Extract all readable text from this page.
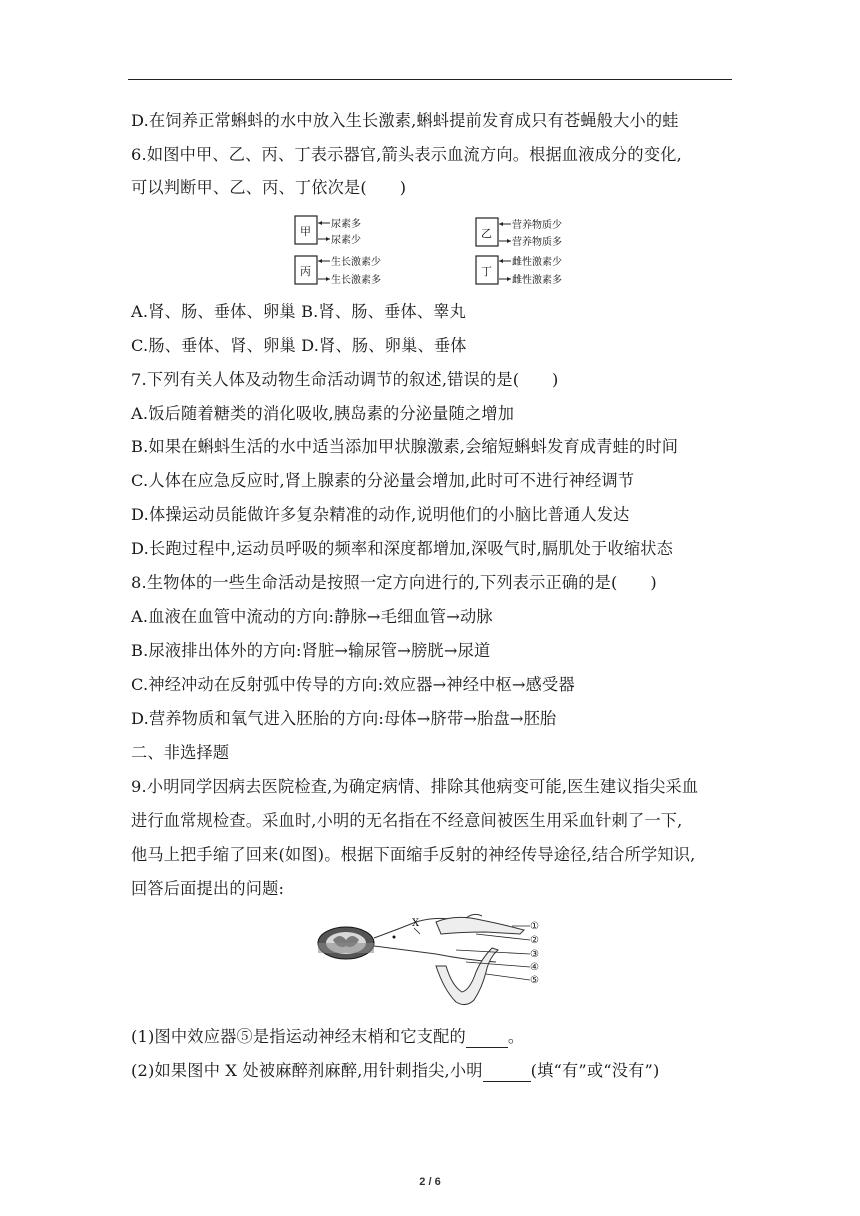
D.在饲养正常蝌蚪的水中放入生长激素,蝌蚪提前发育成只有苍蝇般大小的蛙
6.如图中甲、乙、丙、丁表示器官,箭头表示血流方向。根据血液成分的变化,
可以判断甲、乙、丙、丁依次是(　　)
甲
尿素多
尿素少
丙
生长激素少
生长激素多
乙
营养物质少
营养物质多
丁
雌性激素少
雌性激素多
A.肾、肠、垂体、卵巢 B.肾、肠、垂体、睾丸
C.肠、垂体、肾、卵巢 D.肾、肠、卵巢、垂体
7.下列有关人体及动物生命活动调节的叙述,错误的是(　　)
A.饭后随着糖类的消化吸收,胰岛素的分泌量随之增加
B.如果在蝌蚪生活的水中适当添加甲状腺激素,会缩短蝌蚪发育成青蛙的时间
C.人体在应急反应时,肾上腺素的分泌量会增加,此时可不进行神经调节
D.体操运动员能做许多复杂精准的动作,说明他们的小脑比普通人发达
D.长跑过程中,运动员呼吸的频率和深度都增加,深吸气时,膈肌处于收缩状态
8.生物体的一些生命活动是按照一定方向进行的,下列表示正确的是(　　)
A.血液在血管中流动的方向:静脉→毛细血管→动脉
B.尿液排出体外的方向:肾脏→输尿管→膀胱→尿道
C.神经冲动在反射弧中传导的方向:效应器→神经中枢→感受器
D.营养物质和氧气进入胚胎的方向:母体→脐带→胎盘→胚胎
二、非选择题
9.小明同学因病去医院检查,为确定病情、排除其他病变可能,医生建议指尖采血
进行血常规检查。采血时,小明的无名指在不经意间被医生用采血针刺了一下,
他马上把手缩了回来(如图)。根据下面缩手反射的神经传导途径,结合所学知识,
回答后面提出的问题:
X	①
②
③
④
⑤
(1)图中效应器⑤是指运动神经末梢和它支配的	。
(2)如果图中 X 处被麻醉剂麻醉,用针刺指尖,小明	(填“有”或“没有”)
2 / 6
